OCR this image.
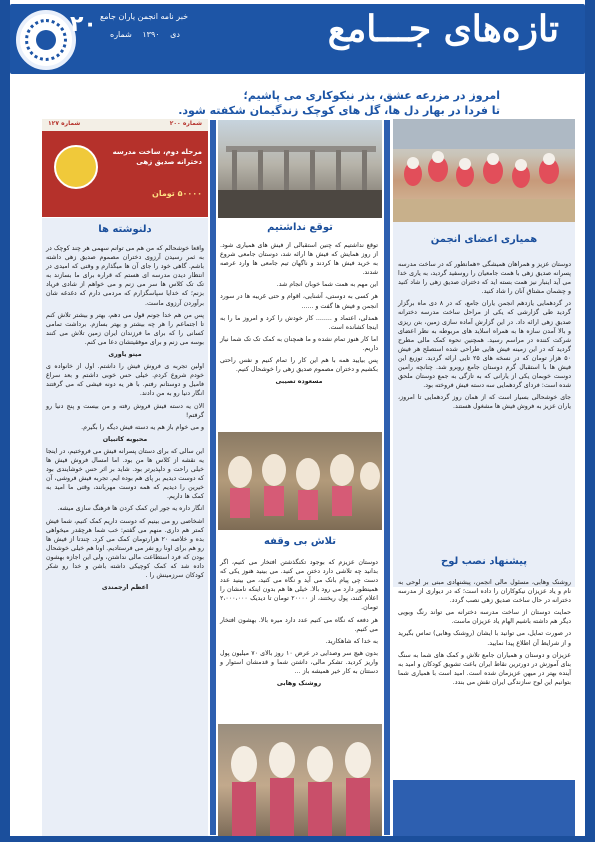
۲۰ خبر نامه انجمن یاران جامع
دی ۱۳۹۰ شماره	تازه‌های جـــامع
امروز در مزرعه عشق، بذر نیکوکاری می پاشیم؛
تا فردا در بهار دل ها، گل های کوچک زندگیمان شکفته شود.
همیاری اعضای انجمن

دوستان عزیز و همراهان همیشگی «همانطور که در ساخت مدرسه پسرانه صدیق زهی با همت جامعیان را روسفید گردید، به یاری خدا می آید اینبار نیز همت بسته اید که دختران صدیق زهی را شاد کنید و چشمان مشتاق آنان را شاد کنید.

در گردهمایی یازدهم انجمن یاران جامع، که در ۸ دی ماه برگزار گردید طی گزارشی که یکی از مراحل ساخت مدرسه دخترانه صدیق زهی ارائه داد. در این گزارش آماده سازی زمین، بتن ریزی و بالا آمدن سازه ها به همراه اسلاید های مربوطه به نظر اعضای شرکت کننده در مراسم رسید. همچنین نحوه کمک مالی مطرح گردید که در این زمینه فیش هایی طراحی شده استصلح هر فیش ۵۰ هزار تومان که در نسخه های ۲۵ تایی ارائه گردید. توزیع این فیش ها با استقبال گرم دوستان جامع روبرو شد. چنانچه رامین دوست خوبمان یکی از یارانی که به تازگی به جمع دوستان ملحق شده است: فردای گردهمایی سه دسته فیش فروخته بود.

جای خوشحالی بسیار است که از همان روز گردهمایی تا امروز، یاران عزیز به فروش فیش ها مشغول هستند.

پیشنهاد نصب لوح

روشنک وهابی، مسئول مالی انجمن، پیشنهادی مبنی بر لوحی به نام و یاد عزیزان نیکوکاران را داده است؛ که در دیواری از مدرسه دخترانه در حال ساخت صدیق زهی نصب گردد.

حمایت دوستان از ساخت مدرسه دخترانه می تواند رنگ وبویی دیگر هم داشته باشیم الهام یاد عزیزان ماست.

در صورت تمایل، می توانید با ایشان (روشنک وهابی) تماس بگیرید و از شرایط آن اطلاع پیدا نمایید.

عزیزان و دوستان و همیاران جامع تلاش و کمک های شما به سنگ بنای آموزش در دورترین نقاط ایران باعث تشویق کودکان و امید به آینده بهتر در میهن عزیزمان شده است. امید است با همیاری شما بتوانیم این لوح سازندگی ایران نقش می بندد.

توقع نداشتیم

توقع نداشتیم که چنین استقبالی از فیش های همیاری شود. از روز همایش که فیش ها ارائه شد، دوستان جامعی شروع به خرید فیش ها کردند و ناگهان تیم جامعی ها وارد عرصه شدند.

این مهم به همت شما خوبان انجام شد.

هر کسی به دوستی، آشنایی، اقوام و حتی غریبه ها در سورد انجمن و فیش ها گفت و ......

همدلی، اعتماد و ........ کار خودش را کرد و امروز ما را به اینجا کشانده است.

اما کار هنوز تمام نشده و ما همچنان به کمک تک تک شما نیاز داریم.

پس بیایید همه با هم این کار را تمام کنیم و نفس راحتی بکشیم و دختران مصموم صدیق زهی را خوشحال کنیم.

مسعوده تصیبی

تلاش بی وقفه

دوستان عزیزم که بوجود تکنگذشتن افتخار می کنیم، اگر بدانید چه تلاشی دارد دختن می کنید. می بینید هنوز یکی که دست چی پیام بانک می آید و نگاه می کنید، می بینید عدد همینطور دارد می رود بالا. خیلی ها هم بدون اینکه نامشان را اعلام کنند، پول ریختند، از ۲۰۰۰۰ تومان تا دیدیک ۲،۰۰۰،۰۰۰ تومان.

هر دفعه که نگاه می کنیم عدد دارد میره بالا. بهشون افتخار می کنیم.

به خدا که شاهکارید.

بدون هیچ سر وصدایی در عرض ۱۰ روز بالای ۷۰ میلیون پول واریز کردید. تشکر مالی، داشتن شما و قدمشان استوار و دستتان به کار خیر همیشه باز ...

روشنک وهابی

شماره ۲۰۰
شماره ۱۲۷
مرحله دوم، ساخت مدرسه دخترانه صدیق زهی
۵۰۰۰۰ تومان
دلنوشته ها

واقعا خوشحالم که من هم می توانم سهمی هر چند کوچک در به ثمر رسیدن آرزوی دختران مصموم صدیق زهی داشته باشم. گاهی خود را جای آن ها میگذارم و وقتی که امیدی در انتظار دیدن مدرسه ای هستم که قراره برای ما بسازند به تک تک کلاس ها سر می زنم و می خواهم از شادی فریاد بزنم؛ که خدایا سپاسگزارم که مردمی دارم که دغدغه شان برآوردن آرزوی ماست.

پس من هم خدا جونم قول می دهم، بهتر و بیشتر تلاش کنم تا اجتماعم را هر چه بیشتر و بهتر بسازم. برداشت تمامی کسانی را که برای ما فرزندان ایران زمین تلاش می کنند بوسه می زنم و برای موفقیتشان دعا می کنم.

مینو یاوری

اولین تجربه ی فروش فیش را داشتم. اول از خانواده ی خودم شروع کردم. خیلی حس خوبی داشتم و بعد سراغ فامیل و دوستانم رفتم. با هر یه دونه فیشی که می گرفتند انگار دنیا رو به من دادند.

الان یه دسته فیش فروش رفته و من بیست و پنج دنیا رو گرفتم!

و می خوام باز هم یه دسته فیش دیگه را بگیرم.

محبوبه کاتبیان

این سالی که برای دستان پسرانه فیش می فروختیم، در اینجا یه نقشه از کلاس ها من بود. اما امسال فروش فیش ها خیلی راحت و دلپذیرتر بود. شاید بر اثر حس خوشایندی بود که دوست دیدیم بر پای هم بوده ایم. تجربه فیش فروشی، آن خیرین را دیدیم که همه دوست مهربانند، وقتی ما امید به کمک ها داریم.

انگار داره یه جور این کمک کردن ها فرهنگ سازی میشه.

اشخاصی رو می بینیم که دوست داریم کمک کنیم، شما فیش کمتر هم داری. منهم می گفتم: خب شما هرچقدر میخواهی بده و خلاصه ۲۰ هزارتومان کمک می کرد. چندتا از فیش ها رو هم برای اونا رو نفر می فرستادیم. اونا هم خیلی خوشحال بودن که فرد استطاعت مالی نداشتن، ولی این اجازه بهشون داده شد که کمک کوچیکی داشته باشن و خدا رو شکر کودکان سرزمینش را .

اعظم ارجمندی
